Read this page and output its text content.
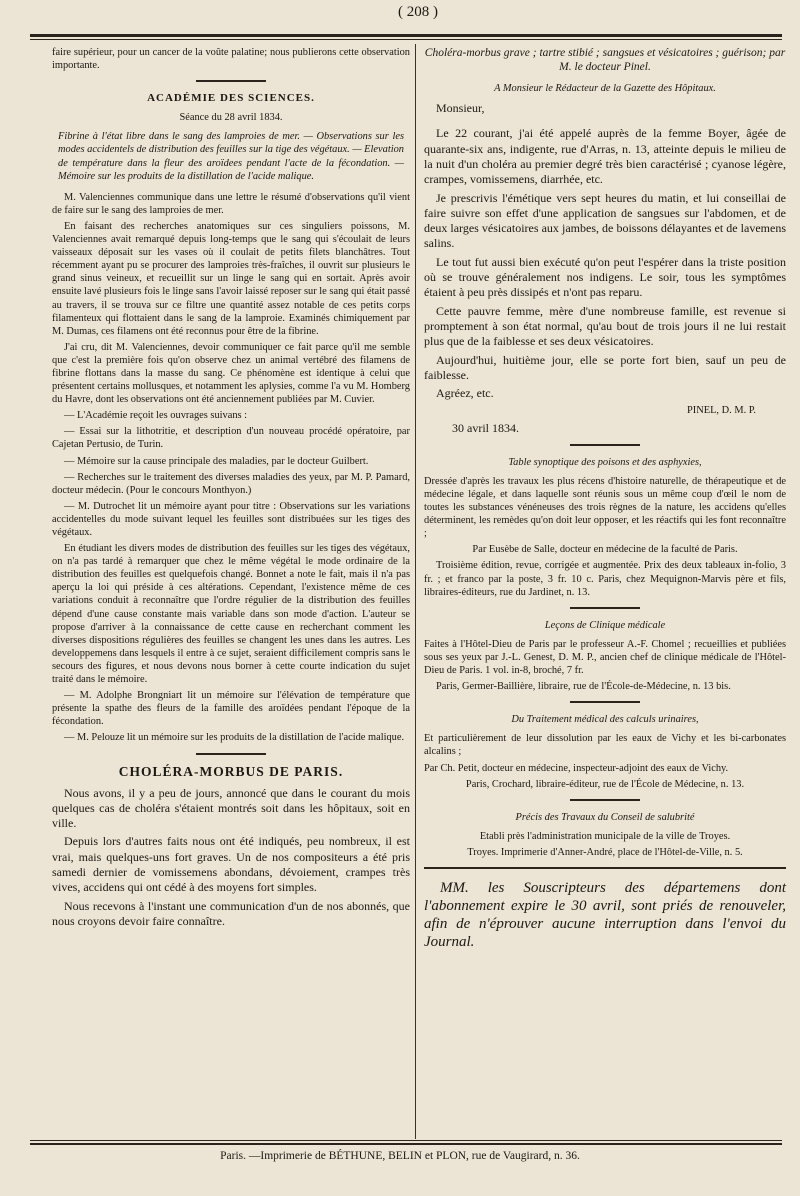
( 208 )

faire supérieur, pour un cancer de la voûte palatine; nous publierons cette observation importante.

ACADÉMIE DES SCIENCES.

Séance du 28 avril 1834.

Fibrine à l'état libre dans le sang des lamproies de mer. — Observations sur les modes accidentels de distribution des feuilles sur la tige des végétaux. — Elevation de température dans la fleur des aroïdees pendant l'acte de la fécondation. — Mémoire sur les produits de la distillation de l'acide malique.

M. Valenciennes communique dans une lettre le résumé d'observations qu'il vient de faire sur le sang des lamproies de mer.

En faisant des recherches anatomiques sur ces singuliers poissons, M. Valenciennes avait remarqué depuis long-temps que le sang qui s'écoulait de leurs vaisseaux déposait sur les vases où il coulait de petits filets blanchâtres. Tout récemment ayant pu se procurer des lamproies très-fraîches, il ouvrit sur plusieurs le grand sinus veineux, et recueillit sur un linge le sang qui en sortait. Après avoir ensuite lavé plusieurs fois le linge sans l'avoir laissé reposer sur le sang qui était passé au travers, il se trouva sur ce filtre une quantité assez notable de ces petits corps filamenteux qui flottaient dans le sang de la lamproie. Examinés chimiquement par M. Dumas, ces filamens ont été reconnus pour être de la fibrine.

J'ai cru, dit M. Valenciennes, devoir communiquer ce fait parce qu'il me semble que c'est la première fois qu'on observe chez un animal vertébré des filamens de fibrine flottans dans la masse du sang. Ce phénomène est identique à celui que présentent certains mollusques, et notamment les aplysies, comme l'a vu M. Homberg du Havre, dont les observations ont été anciennement publiées par M. Cuvier.

— L'Académie reçoit les ouvrages suivans :

— Essai sur la lithotritie, et description d'un nouveau procédé opératoire, par Cajetan Pertusio, de Turin.

— Mémoire sur la cause principale des maladies, par le docteur Guilbert.

— Recherches sur le traitement des diverses maladies des yeux, par M. P. Pamard, docteur médecin. (Pour le concours Monthyon.)

— M. Dutrochet lit un mémoire ayant pour titre : Observations sur les variations accidentelles du mode suivant lequel les feuilles sont distribuées sur les tiges des végétaux.

En étudiant les divers modes de distribution des feuilles sur les tiges des végétaux, on n'a pas tardé à remarquer que chez le même végétal le mode ordinaire de la distribution des feuilles est quelquefois changé. Bonnet a note le fait, mais il n'a pas aperçu la loi qui préside à ces altérations. Cependant, l'existence même de ces variations conduit à reconnaître que l'ordre régulier de la distribution des feuilles dépend d'une cause constante mais variable dans son mode d'action. L'auteur se propose d'arriver à la connaissance de cette cause en recherchant comment les diverses dispositions régulières des feuilles se changent les unes dans les autres. Les developpemens dans lesquels il entre à ce sujet, seraient difficilement compris sans le secours des figures, et nous devons nous borner à cette courte indication du sujet traité dans le mémoire.

— M. Adolphe Brongniart lit un mémoire sur l'élévation de température que présente la spathe des fleurs de la famille des aroïdées pendant l'époque de la fécondation.

— M. Pelouze lit un mémoire sur les produits de la distillation de l'acide malique.

CHOLÉRA-MORBUS DE PARIS.

Nous avons, il y a peu de jours, annoncé que dans le courant du mois quelques cas de choléra s'étaient montrés soit dans les hôpitaux, soit en ville.

Depuis lors d'autres faits nous ont été indiqués, peu nombreux, il est vrai, mais quelques-uns fort graves. Un de nos compositeurs a été pris samedi dernier de vomissemens abondans, dévoiement, crampes très vives, accidens qui ont cédé à des moyens fort simples.

Nous recevons à l'instant une communication d'un de nos abonnés, que nous croyons devoir faire connaître.

Choléra-morbus grave ; tartre stibié ; sangsues et vésicatoires ; guérison; par M. le docteur Pinel.

A Monsieur le Rédacteur de la Gazette des Hôpitaux.

Monsieur,

Le 22 courant, j'ai été appelé auprès de la femme Boyer, âgée de quarante-six ans, indigente, rue d'Arras, n. 13, atteinte depuis le milieu de la nuit d'un choléra au premier degré très bien caractérisé ; cyanose légère, crampes, vomissemens, diarrhée, etc.

Je prescrivis l'émétique vers sept heures du matin, et lui conseillai de faire suivre son effet d'une application de sangsues sur l'abdomen, et de deux larges vésicatoires aux jambes, de boissons délayantes et de lavemens salins.

Le tout fut aussi bien exécuté qu'on peut l'espérer dans la triste position où se trouve généralement nos indigens. Le soir, tous les symptômes étaient à peu près dissipés et n'ont pas reparu.

Cette pauvre femme, mère d'une nombreuse famille, est revenue si promptement à son état normal, qu'au bout de trois jours il ne lui restait plus que de la faiblesse et ses deux vésicatoires.

Aujourd'hui, huitième jour, elle se porte fort bien, sauf un peu de faiblesse.

Agréez, etc.

PINEL, D. M. P.

30 avril 1834.

Table synoptique des poisons et des asphyxies,

Dressée d'après les travaux les plus récens d'histoire naturelle, de thérapeutique et de médecine légale, et dans laquelle sont réunis sous un même coup d'œil le nom de toutes les substances vénéneuses des trois règnes de la nature, les accidens qu'elles déterminent, les remèdes qu'on doit leur opposer, et les réactifs qui les font reconnaître ;

Par Eusèbe de Salle, docteur en médecine de la faculté de Paris.

Troisième édition, revue, corrigée et augmentée. Prix des deux tableaux in-folio, 3 fr. ; et franco par la poste, 3 fr. 10 c. Paris, chez Mequignon-Marvis père et fils, libraires-éditeurs, rue du Jardinet, n. 13.

Leçons de Clinique médicale

Faites à l'Hôtel-Dieu de Paris par le professeur A.-F. Chomel ; recueillies et publiées sous ses yeux par J.-L. Genest, D. M. P., ancien chef de clinique médicale de l'Hôtel-Dieu de Paris. 1 vol. in-8, broché, 7 fr.

Paris, Germer-Baillière, libraire, rue de l'École-de-Médecine, n. 13 bis.

Du Traitement médical des calculs urinaires,

Et particulièrement de leur dissolution par les eaux de Vichy et les bi-carbonates alcalins ;

Par Ch. Petit, docteur en médecine, inspecteur-adjoint des eaux de Vichy.

Paris, Crochard, libraire-éditeur, rue de l'École de Médecine, n. 13.

Précis des Travaux du Conseil de salubrité

Etabli près l'administration municipale de la ville de Troyes.

Troyes. Imprimerie d'Anner-André, place de l'Hôtel-de-Ville, n. 5.

MM. les Souscripteurs des départemens dont l'abonnement expire le 30 avril, sont priés de renouveler, afin de n'éprouver aucune interruption dans l'envoi du Journal.

Paris. —Imprimerie de BÉTHUNE, BELIN et PLON, rue de Vaugirard, n. 36.
